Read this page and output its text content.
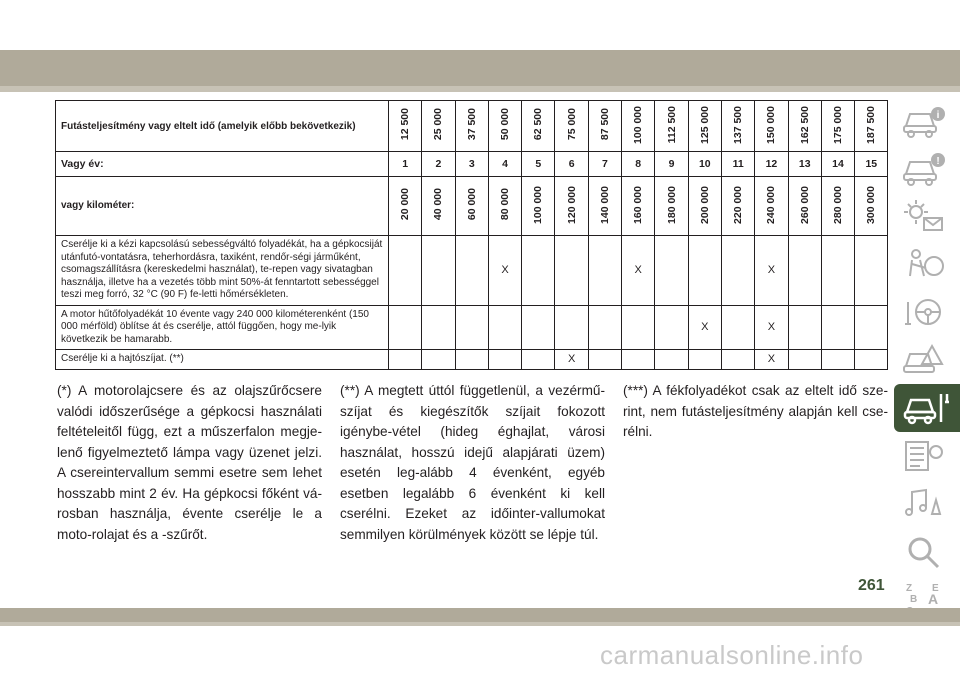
Futásteljesítmény vagy eltelt idő (amelyik előbb bekövetkezik)	12 500	25 000	37 500	50 000	62 500	75 000	87 500	100 000	112 500	125 000	137 500	150 000	162 500	175 000	187 500
Vagy év:	1	2	3	4	5	6	7	8	9	10	11	12	13	14	15
vagy kilométer:	20 000	40 000	60 000	80 000	100 000	120 000	140 000	160 000	180 000	200 000	220 000	240 000	260 000	280 000	300 000
Cserélje ki a kézi kapcsolású sebességváltó folyadékát, ha a gépkocsiját utánfutó-vontatásra, teherhordásra, taxiként, rendőr-ségi járműként, csomagszállításra (kereskedelmi használat), te-repen vagy sivatagban használja, illetve ha a vezetés több mint 50%-át fenntartott sebességgel teszi meg forró, 32 °C (90 F) fe-letti hőmérsékleten.				X				X				X			
A motor hűtőfolyadékát 10 évente vagy 240 000 kilométerenként (150 000 mérföld) öblítse át és cserélje, attól függően, hogy me-lyik következik be hamarabb.										X		X			
Cserélje ki a hajtószíjat. (**)						X						X			
(*) A motorolajcsere és az olajszűrőcsere valódi időszerűsége a gépkocsi használati feltételeitől függ, ezt a műszerfalon megje-lenő figyelmeztető lámpa vagy üzenet jelzi. A csereintervallum semmi esetre sem lehet hosszabb mint 2 év. Ha gépkocsi főként vá-rosban használja, évente cserélje le a moto-rolajat és a -szűrőt.
(**) A megtett úttól függetlenül, a vezérmű-szíjat és kiegészítők szíjait fokozott igénybe-vétel (hideg éghajlat, városi használat, hosszú idejű alapjárati üzem) esetén leg-alább 4 évenként, egyéb esetben legalább 6 évenként ki kell cserélni. Ezeket az időinter-vallumokat semmilyen körülmények között se lépje túl.
(***) A fékfolyadékot csak az eltelt idő sze-rint, nem futásteljesítmény alapján kell cse-rélni.
i
!
Z E
B A
261
carmanualsonline.info
